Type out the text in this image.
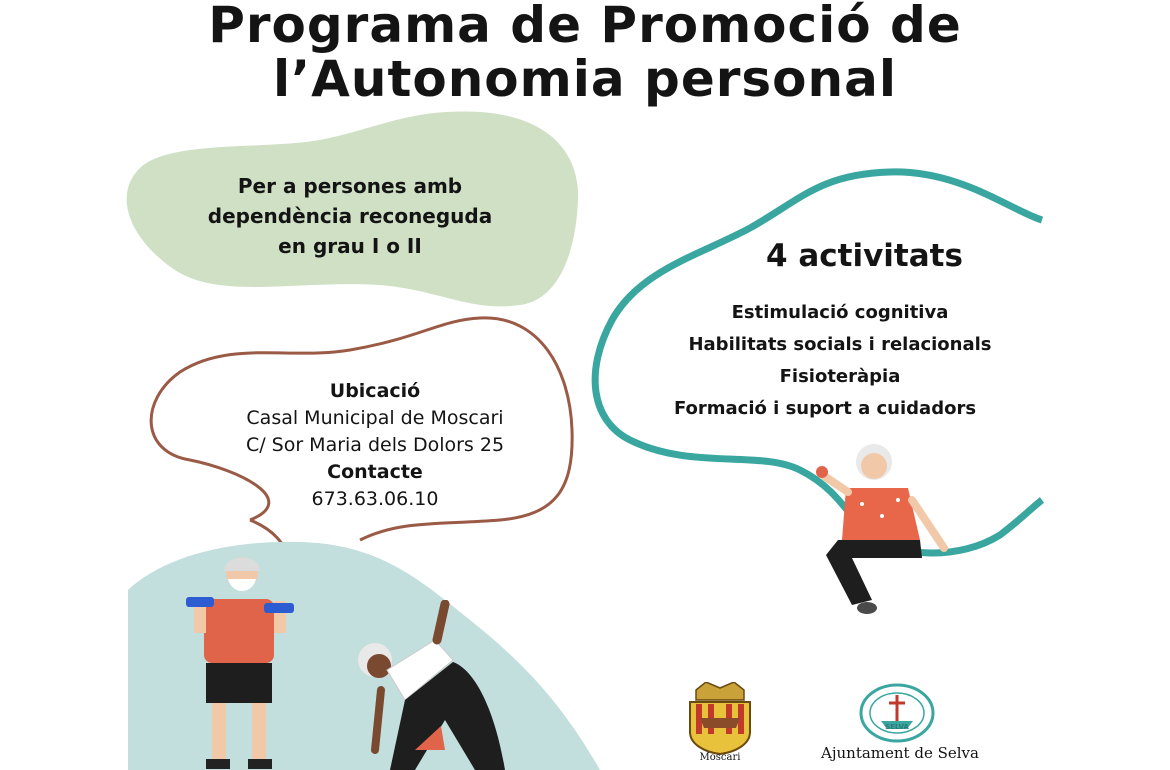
Programa de Promoció de
l’Autonomia personal
Per a persones amb
dependència reconeguda
en grau I o II	4 activitats
Estimulació cognitiva
Habilitats socials i relacionals
Fisioteràpia
Formació i suport a cuidadors
Ubicació
Casal Municipal de Moscari
C/ Sor Maria dels Dolors 25
Contacte
673.63.06.10
Moscari
SELVA
Ajuntament de Selva
